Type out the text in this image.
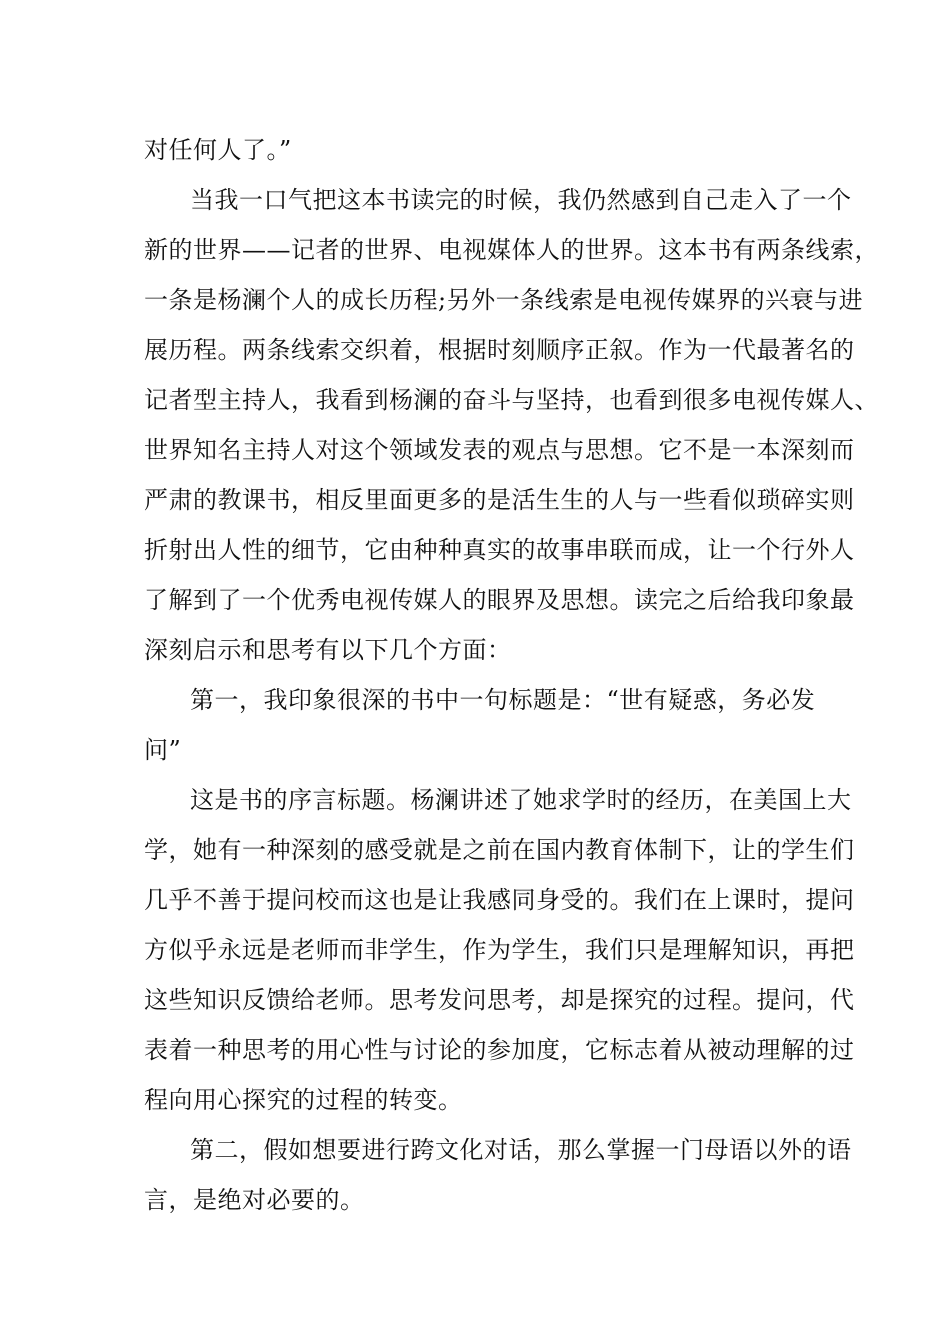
对任何人了。”
当我一口气把这本书读完的时候，我仍然感到自己走入了一个
新的世界——记者的世界、电视媒体人的世界。这本书有两条线索，
一条是杨澜个人的成长历程;另外一条线索是电视传媒界的兴衰与进
展历程。两条线索交织着，根据时刻顺序正叙。作为一代最著名的
记者型主持人，我看到杨澜的奋斗与坚持，也看到很多电视传媒人、
世界知名主持人对这个领域发表的观点与思想。它不是一本深刻而
严肃的教课书，相反里面更多的是活生生的人与一些看似琐碎实则
折射出人性的细节，它由种种真实的故事串联而成，让一个行外人
了解到了一个优秀电视传媒人的眼界及思想。读完之后给我印象最
深刻启示和思考有以下几个方面：
第一，我印象很深的书中一句标题是：“世有疑惑，务必发
问”
这是书的序言标题。杨澜讲述了她求学时的经历，在美国上大
学，她有一种深刻的感受就是之前在国内教育体制下，让的学生们
几乎不善于提问校而这也是让我感同身受的。我们在上课时，提问
方似乎永远是老师而非学生，作为学生，我们只是理解知识，再把
这些知识反馈给老师。思考发问思考，却是探究的过程。提问，代
表着一种思考的用心性与讨论的参加度，它标志着从被动理解的过
程向用心探究的过程的转变。
第二，假如想要进行跨文化对话，那么掌握一门母语以外的语
言，是绝对必要的。
